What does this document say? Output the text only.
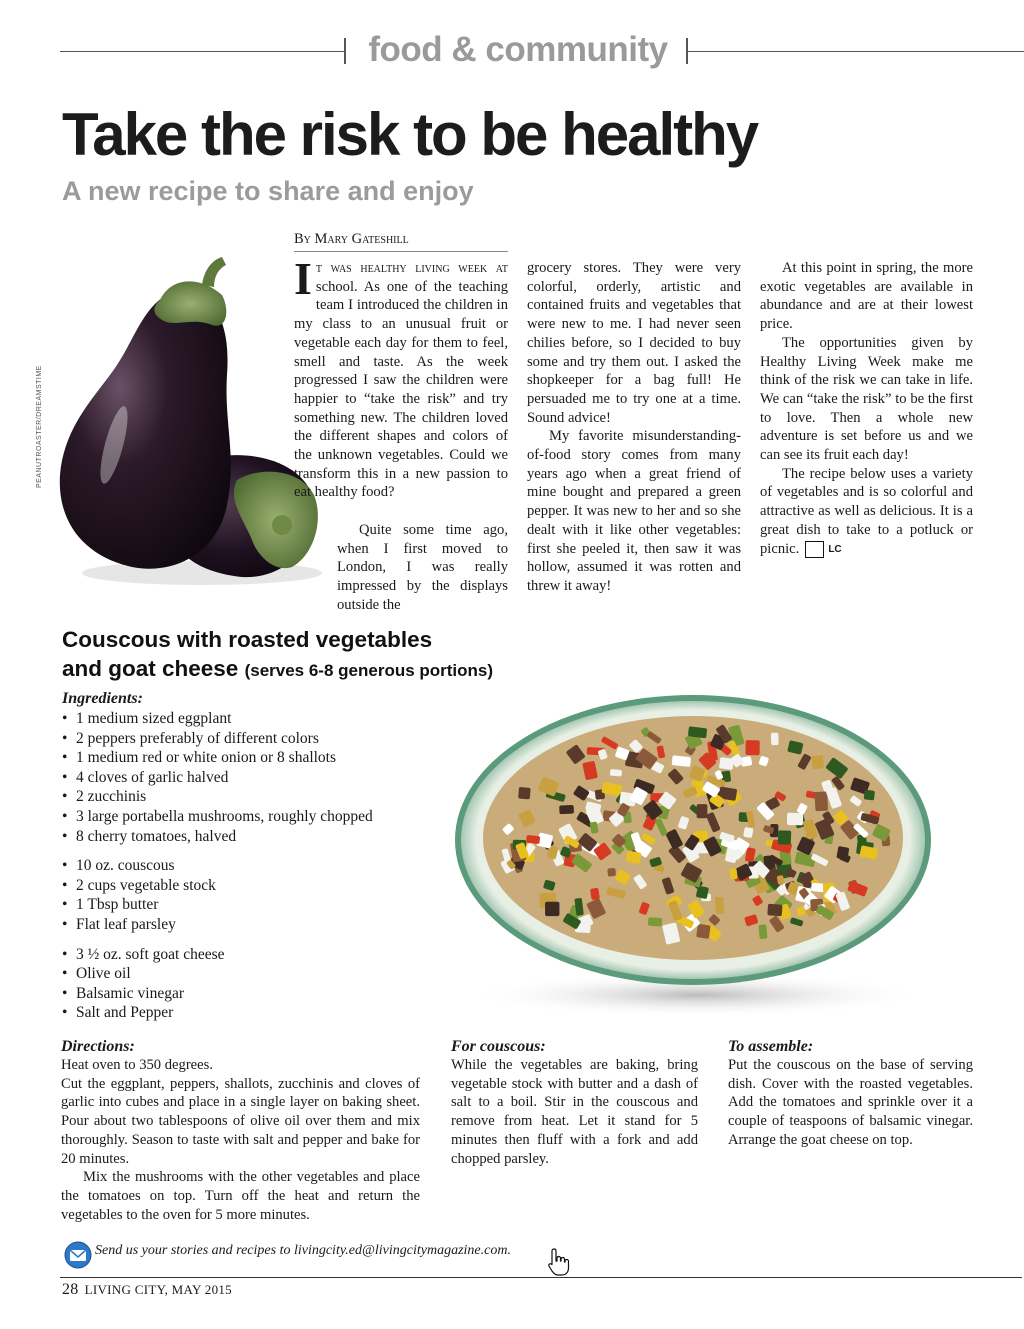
food & community
Take the risk to be healthy
A new recipe to share and enjoy
PEANUTROASTER/DREAMSTIME
By Mary Gateshill

It was healthy living week at school. As one of the teaching team I introduced the children in my class to an unusual fruit or vegetable each day for them to feel, smell and taste. As the week progressed I saw the children were happier to “take the risk” and try something new. The children loved the different shapes and colors of the unknown vegetables. Could we transform this in a new passion to eat healthy food?

Quite some time ago, when I first moved to London, I was really impressed by the displays outside the

grocery stores. They were very colorful, orderly, artistic and contained fruits and vegetables that were new to me. I had never seen chilies before, so I decided to buy some and try them out. I asked the shopkeeper for a bag full! He persuaded me to try one at a time. Sound advice!

My favorite misunderstanding-of-food story comes from many years ago when a great friend of mine bought and prepared a green pepper. It was new to her and so she dealt with it like other vegetables: first she peeled it, then saw it was hollow, assumed it was rotten and threw it away!

At this point in spring, the more exotic vegetables are available in abundance and are at their lowest price.

The opportunities given by Healthy Living Week make me think of the risk we can take in life. We can “take the risk” to be the first to love. Then a whole new adventure is set before us and we can see its fruit each day!

The recipe below uses a variety of vegetables and is so colorful and attractive as well as delicious. It is a great dish to take to a potluck or picnic.	LC

Couscous with roasted vegetables
and goat cheese (serves 6-8 generous portions)
Ingredients:
• 1 medium sized eggplant
• 2 peppers preferably of different colors
• 1 medium red or white onion or 8 shallots
• 4 cloves of garlic halved
• 2 zucchinis
• 3 large portabella mushrooms, roughly chopped
• 8 cherry tomatoes, halved
• 10 oz. couscous
• 2 cups vegetable stock
• 1 Tbsp butter
• Flat leaf parsley
• 3 ½ oz. soft goat cheese
• Olive oil
• Balsamic vinegar
• Salt and Pepper

Directions:

Heat oven to 350 degrees.

Cut the eggplant, peppers, shallots, zucchinis and cloves of garlic into cubes and place in a single layer on baking sheet. Pour about two tablespoons of olive oil over them and mix thoroughly. Season to taste with salt and pepper and bake for 20 minutes.

Mix the mushrooms with the other vegetables and place the tomatoes on top. Turn off the heat and return the vegetables to the oven for 5 more minutes.

For couscous:

While the vegetables are baking, bring vegetable stock with butter and a dash of salt to a boil. Stir in the couscous and remove from heat. Let it stand for 5 minutes then fluff with a fork and add chopped parsley.

To assemble:

Put the couscous on the base of serving dish. Cover with the roasted vegetables. Add the tomatoes and sprinkle over it a couple of teaspoons of balsamic vinegar. Arrange the goat cheese on top.

Send us your stories and recipes to livingcity.ed@livingcitymagazine.com.
28 LIVING CITY, MAY 2015
